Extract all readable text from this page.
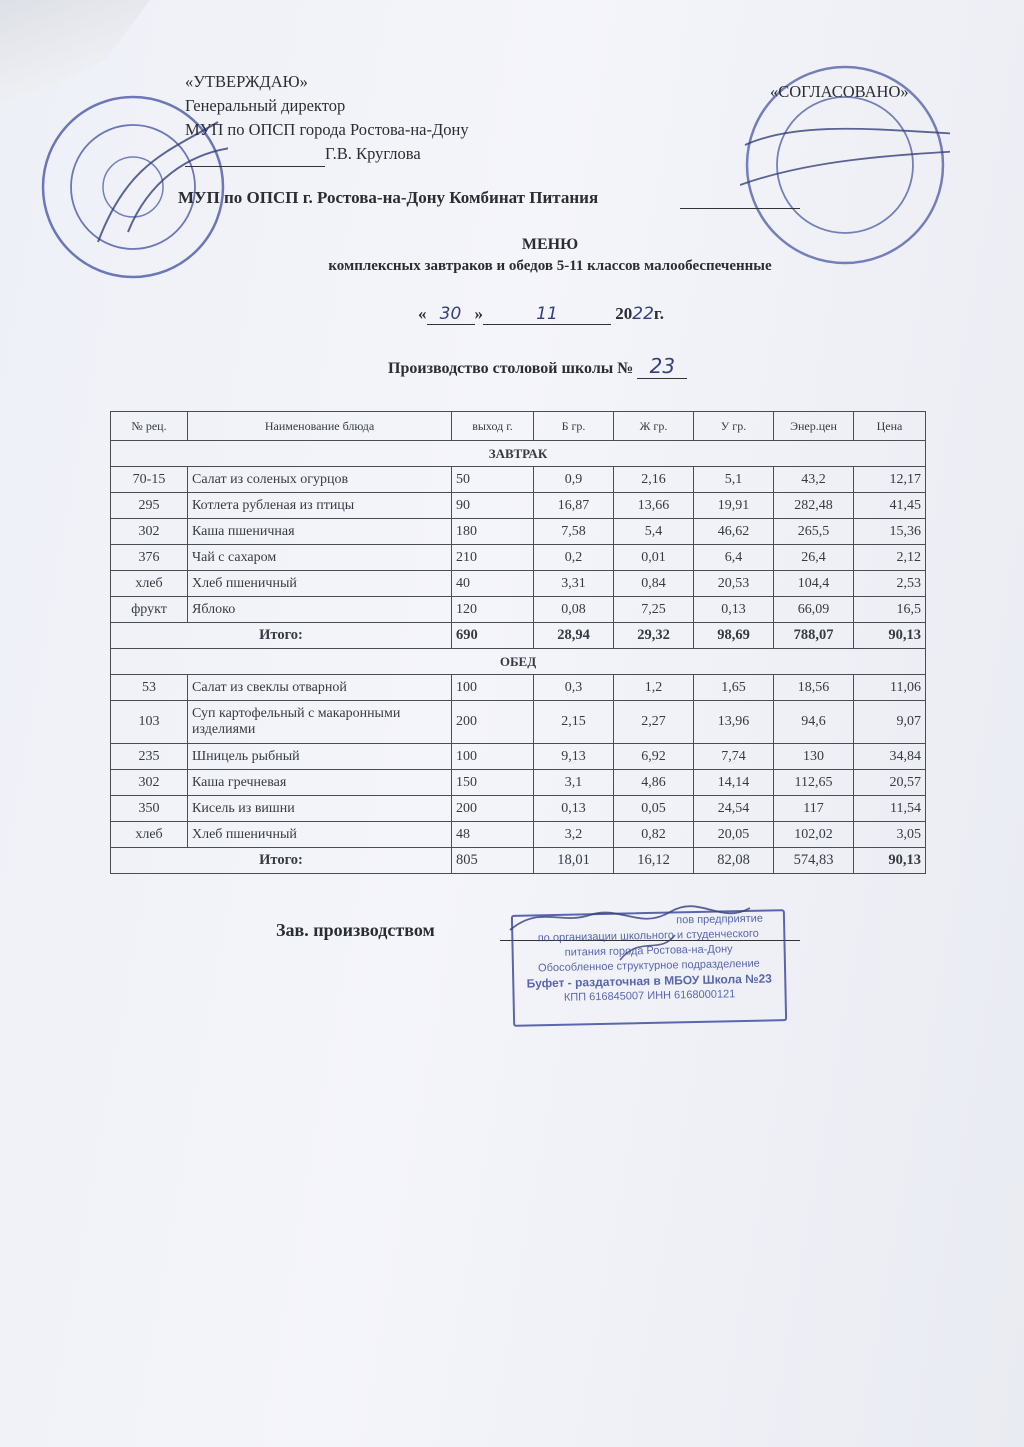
«УТВЕРЖДАЮ»
Генеральный директор
МУП по ОПСП города Ростова-на-Дону
Г.В. Круглова
«СОГЛАСОВАНО»
МУП по ОПСП г. Ростова-на-Дону Комбинат Питания
МЕНЮ
комплексных завтраков и обедов 5-11 классов малообеспеченные
« 30 »	11	2022г.
Производство столовой школы № 23
№ рец.	Наименование блюда	выход г.	Б гр.	Ж гр.	У гр.	Энер.цен	Цена
ЗАВТРАК							
70-15	Салат из соленых огурцов	50	0,9	2,16	5,1	43,2	12,17
295	Котлета рубленая из птицы	90	16,87	13,66	19,91	282,48	41,45
302	Каша пшеничная	180	7,58	5,4	46,62	265,5	15,36
376	Чай с сахаром	210	0,2	0,01	6,4	26,4	2,12
хлеб	Хлеб пшеничный	40	3,31	0,84	20,53	104,4	2,53
фрукт	Яблоко	120	0,08	7,25	0,13	66,09	16,5
Итого:		690	28,94	29,32	98,69	788,07	90,13
ОБЕД							
53	Салат из свеклы отварной	100	0,3	1,2	1,65	18,56	11,06
103	Суп картофельный с макаронными изделиями	200	2,15	2,27	13,96	94,6	9,07
235	Шницель рыбный	100	9,13	6,92	7,74	130	34,84
302	Каша гречневая	150	3,1	4,86	14,14	112,65	20,57
350	Кисель из вишни	200	0,13	0,05	24,54	117	11,54
хлеб	Хлеб пшеничный	48	3,2	0,82	20,05	102,02	3,05
Итого:		805	18,01	16,12	82,08	574,83	90,13
Зав. производством
пов предприятие
по организации школьного и студенческого
питания города Ростова-на-Дону
Обособленное структурное подразделение
Буфет - раздаточная в МБОУ Школа №23
КПП 616845007 ИНН 6168000121
